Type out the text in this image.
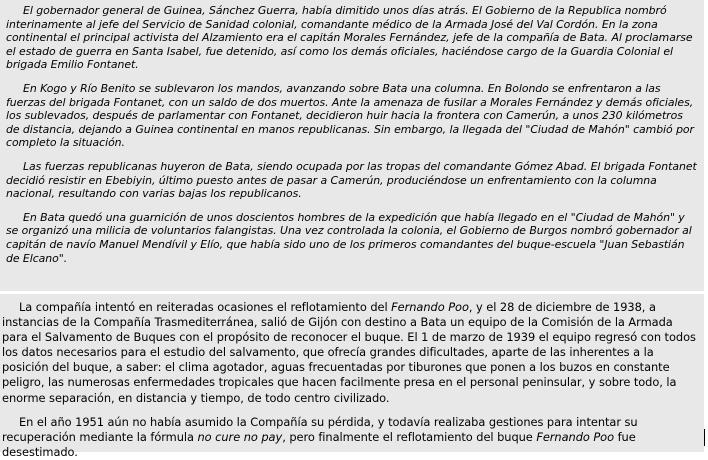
El gobernador general de Guinea, Sánchez Guerra, había dimitido unos días atrás. El Gobierno de la Republica nombró interinamente al jefe del Servicio de Sanidad colonial, comandante médico de la Armada José del Val Cordón. En la zona continental el principal activista del Alzamiento era el capitán Morales Fernández, jefe de la compañía de Bata. Al proclamarse el estado de guerra en Santa Isabel, fue detenido, así como los demás oficiales, haciéndose cargo de la Guardia Colonial el brigada Emilio Fontanet.

En Kogo y Río Benito se sublevaron los mandos, avanzando sobre Bata una columna. En Bolondo se enfrentaron a las fuerzas del brigada Fontanet, con un saldo de dos muertos. Ante la amenaza de fusilar a Morales Fernández y demás oficiales, los sublevados, después de parlamentar con Fontanet, decidieron huir hacia la frontera con Camerún, a unos 230 kilómetros de distancia, dejando a Guinea continental en manos republicanas. Sin embargo, la llegada del "Ciudad de Mahón" cambió por completo la situación.

Las fuerzas republicanas huyeron de Bata, siendo ocupada por las tropas del comandante Gómez Abad. El brigada Fontanet decidió resistir en Ebebiyin, último puesto antes de pasar a Camerún, produciéndose un enfrentamiento con la columna nacional, resultando con varias bajas los republicanos.

En Bata quedó una guarnición de unos doscientos hombres de la expedición que había llegado en el "Ciudad de Mahón" y se organizó una milicia de voluntarios falangistas. Una vez controlada la colonia, el Gobierno de Burgos nombró gobernador al capitán de navío Manuel Mendívil y Elío, que había sido uno de los primeros comandantes del buque-escuela "Juan Sebastián de Elcano".

La compañía intentó en reiteradas ocasiones el reflotamiento del Fernando Poo, y el 28 de diciembre de 1938, a instancias de la Compañía Trasmediterránea, salió de Gijón con destino a Bata un equipo de la Comisión de la Armada para el Salvamento de Buques con el propósito de reconocer el buque. El 1 de marzo de 1939 el equipo regresó con todos los datos necesarios para el estudio del salvamento, que ofrecía grandes dificultades, aparte de las inherentes a la posición del buque, a saber: el clima agotador, aguas frecuentadas por tiburones que ponen a los buzos en constante peligro, las numerosas enfermedades tropicales que hacen facilmente presa en el personal peninsular, y sobre todo, la enorme separación, en distancia y tiempo, de todo centro civilizado.

En el año 1951 aún no había asumido la Compañía su pérdida, y todavía realizaba gestiones para intentar su recuperación mediante la fórmula no cure no pay, pero finalmente el reflotamiento del buque Fernando Poo fue desestimado.
